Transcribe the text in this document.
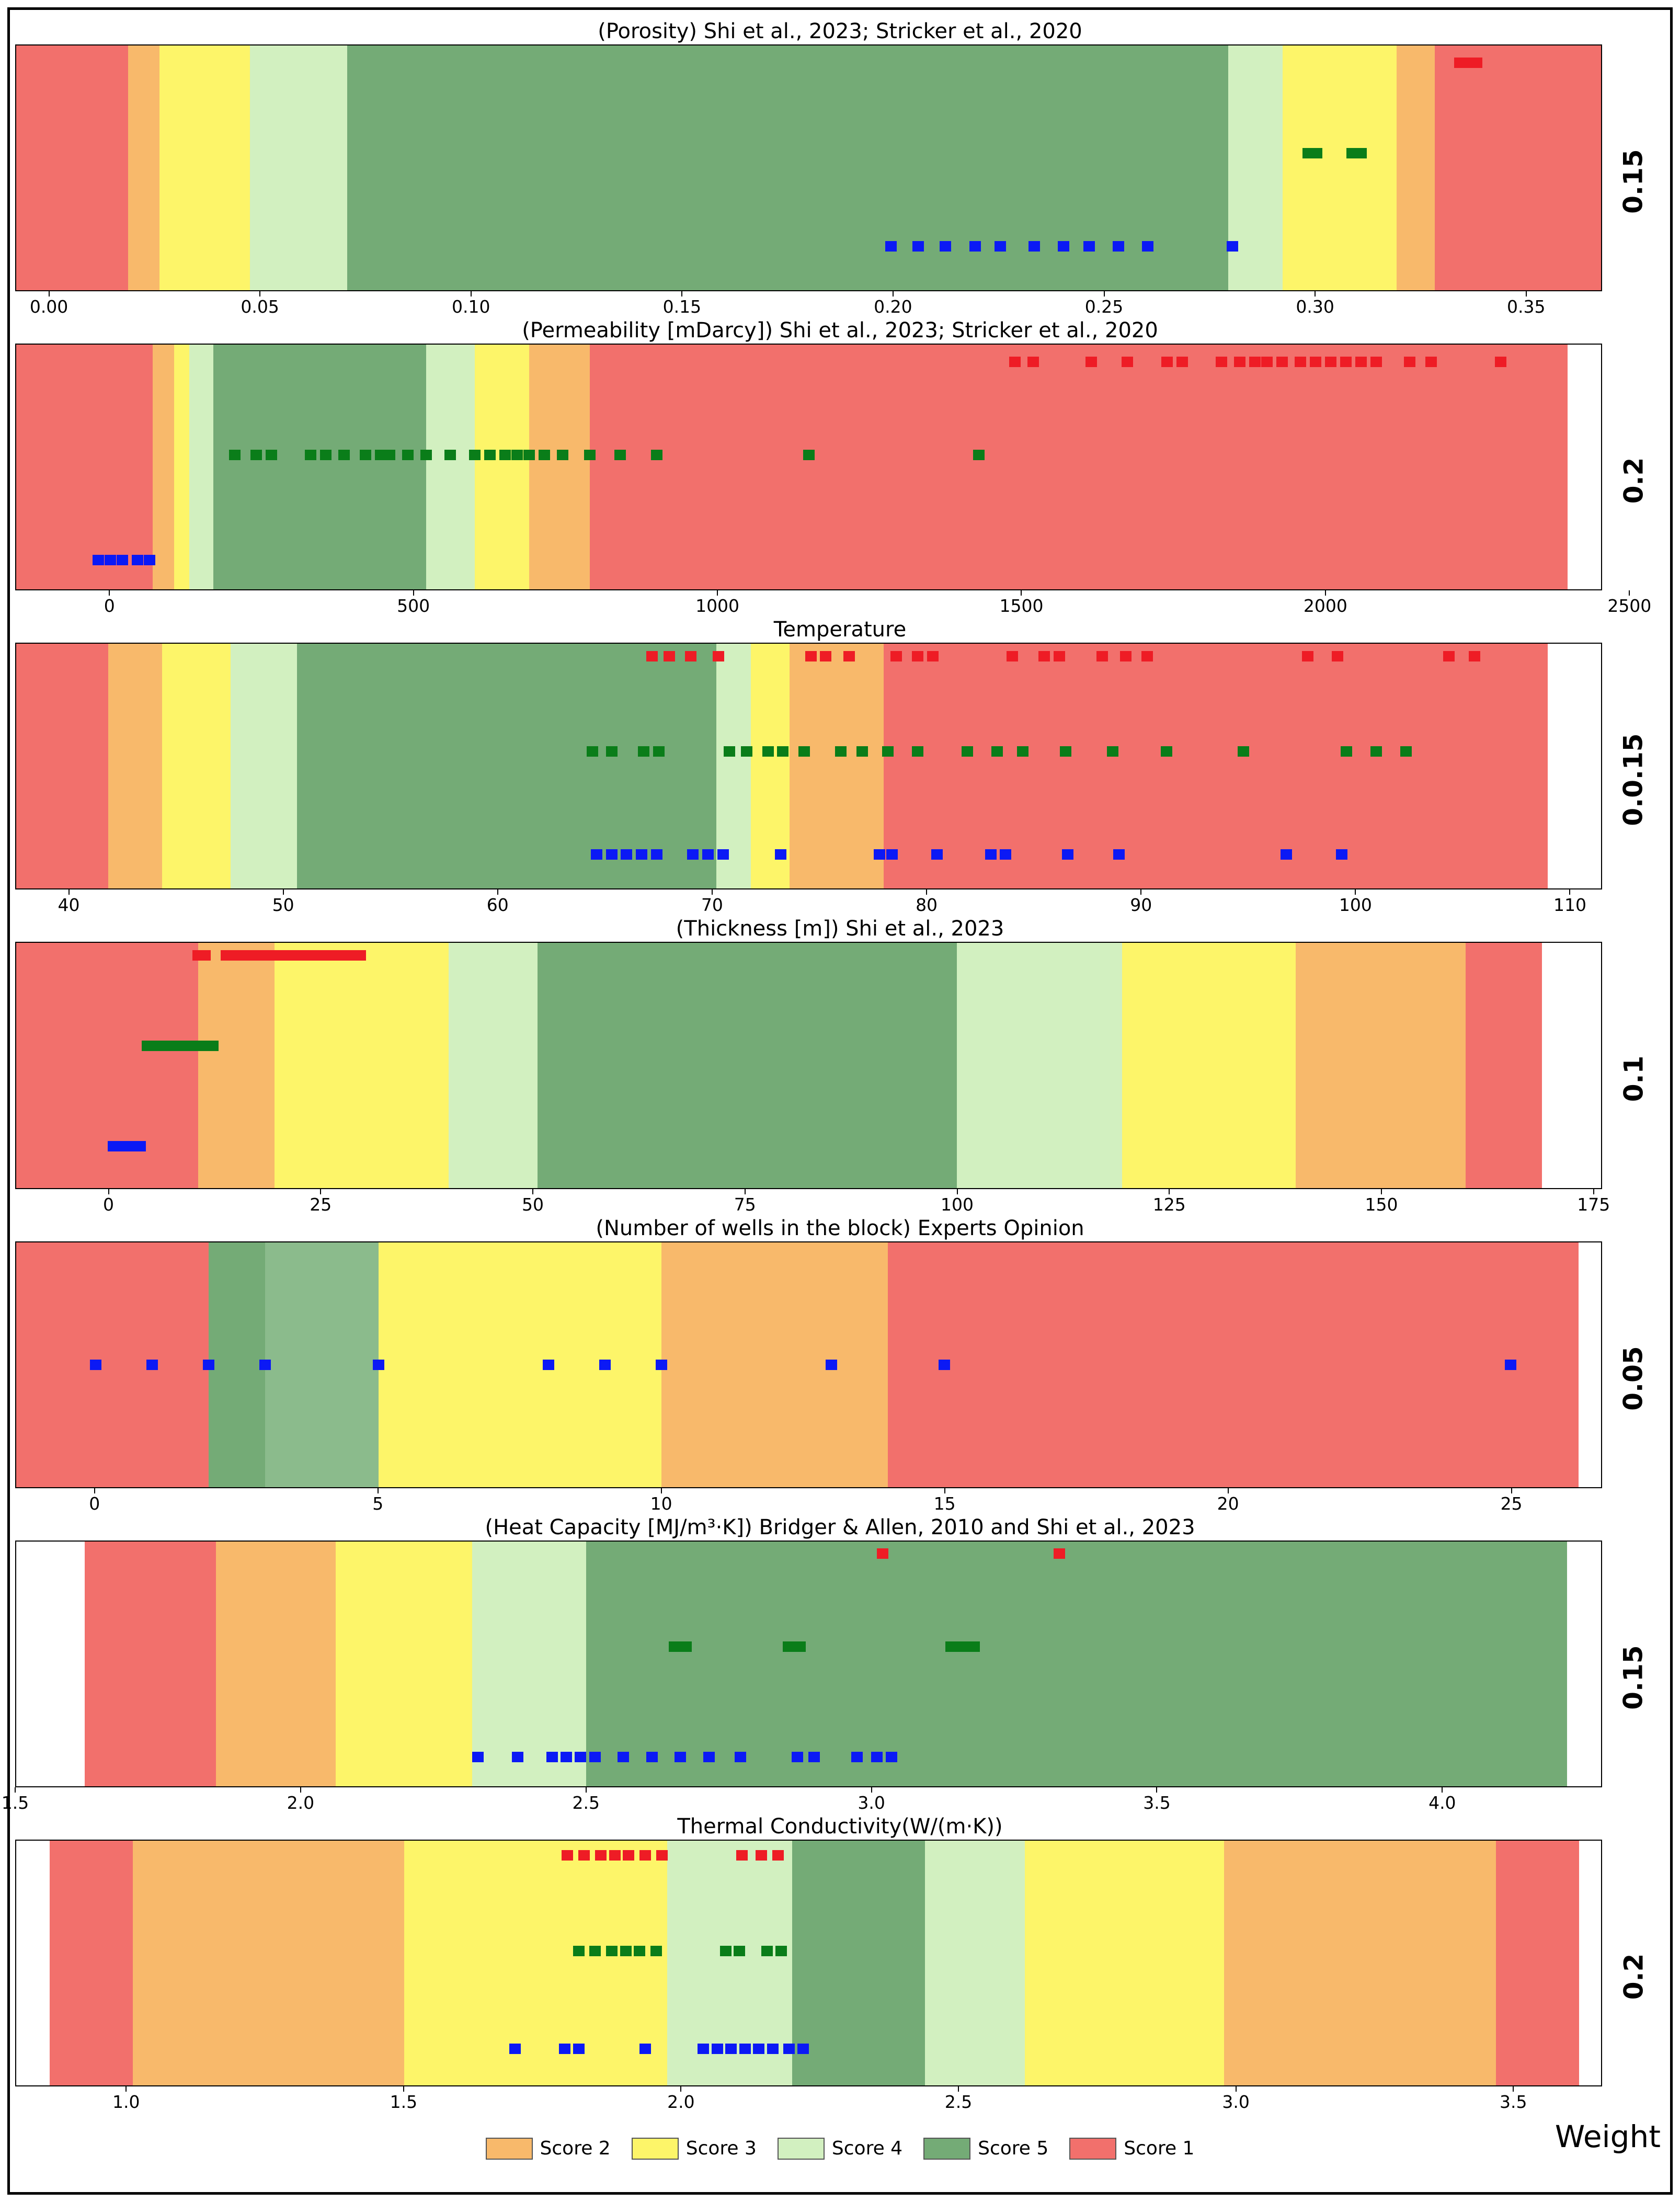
(Porosity) Shi et al., 2023; Stricker et al., 2020
0.00	0.05	0.10	0.15	0.20	0.25	0.30	0.35
0.15
(Permeability [mDarcy]) Shi et al., 2023; Stricker et al., 2020
0	500	1000	1500	2000	2500
0.2
Temperature
40	50	60	70	80	90	100	110
0.0.15
(Thickness [m]) Shi et al., 2023
0	25	50	75	100	125	150	175
0.1
(Number of wells in the block) Experts Opinion
0	5	10	15	20	25
0.05
(Heat Capacity [MJ/m³·K]) Bridger & Allen, 2010 and Shi et al., 2023
1.5	2.0	2.5	3.0	3.5	4.0
0.15
Thermal Conductivity(W/(m·K))
1.0	1.5	2.0	2.5	3.0	3.5
0.2
Weight
Score 2	Score 3	Score 4	Score 5	Score 1
